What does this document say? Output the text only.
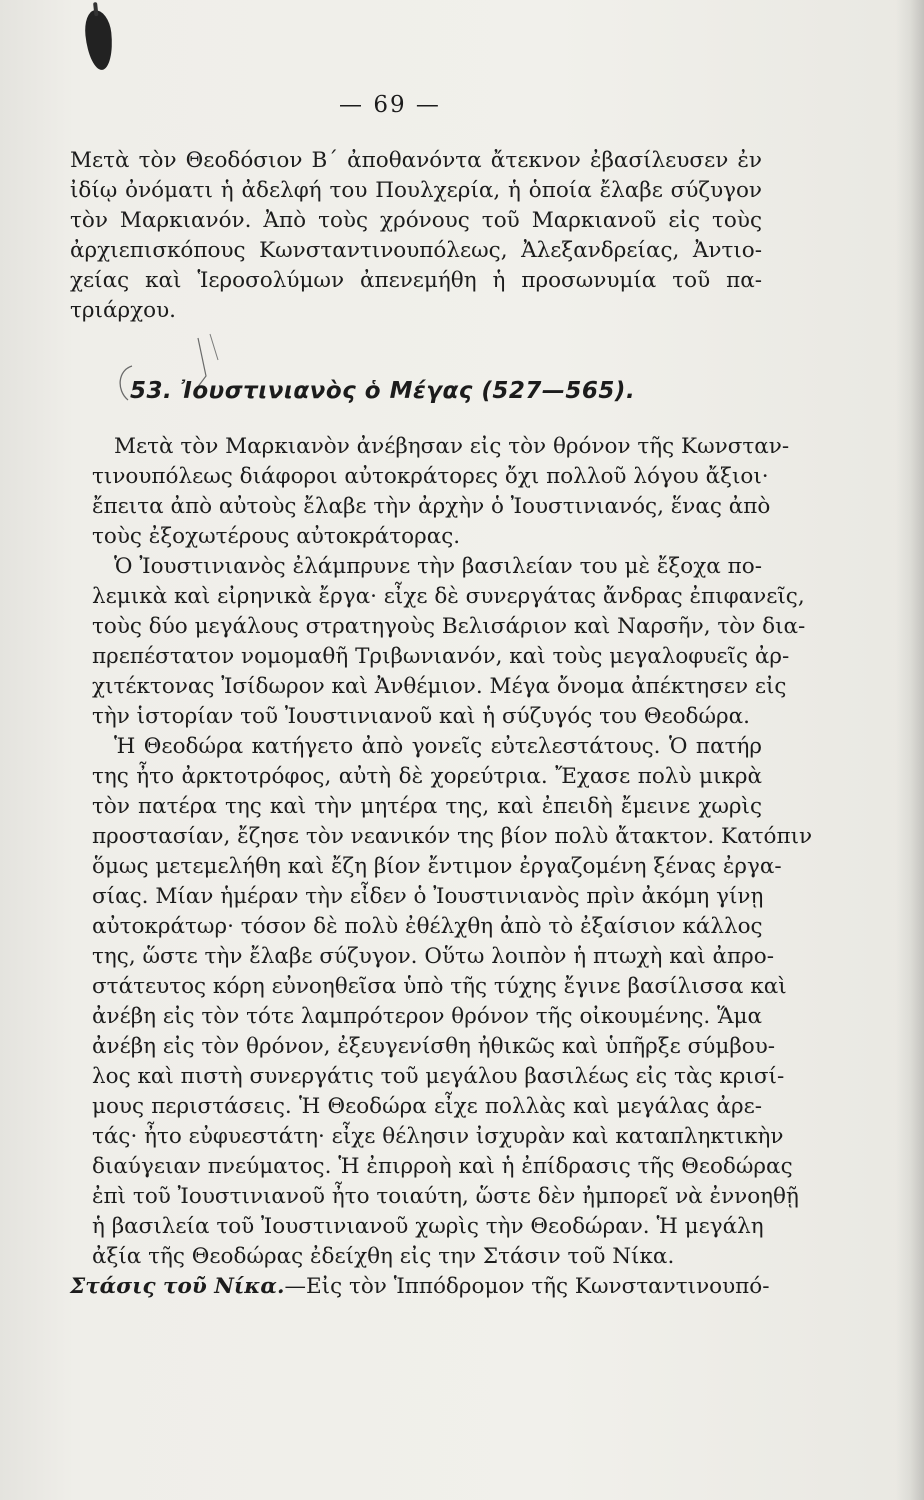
— 69 —
Μετὰ τὸν Θεοδόσιον Β΄ ἀποθανόντα ἄτεκνον ἐβασίλευσεν ἐν
ἰδίῳ ὀνόματι ἡ ἀδελφή του Πουλχερία, ἡ ὁποία ἔλαβε σύζυγον
τὸν Μαρκιανόν. Ἀπὸ τοὺς χρόνους τοῦ Μαρκιανοῦ εἰς τοὺς
ἀρχιεπισκόπους Κωνσταντινουπόλεως, Ἀλεξανδρείας, Ἀντιο-
χείας καὶ Ἱεροσολύμων ἀπενεμήθη ἡ προσωνυμία τοῦ πα-
τριάρχου.
53. Ἰουστινιανὸς ὁ Μέγας (527—565).
Μετὰ τὸν Μαρκιανὸν ἀνέβησαν εἰς τὸν θρόνον τῆς Κωνσταν-
τινουπόλεως διάφοροι αὐτοκράτορες ὄχι πολλοῦ λόγου ἄξιοι·
ἔπειτα ἀπὸ αὐτοὺς ἔλαβε τὴν ἀρχὴν ὁ Ἰουστινιανός, ἕνας ἀπὸ
τοὺς ἐξοχωτέρους αὐτοκράτορας.
Ὁ Ἰουστινιανὸς ἐλάμπρυνε τὴν βασιλείαν του μὲ ἔξοχα πο-
λεμικὰ καὶ εἰρηνικὰ ἔργα· εἶχε δὲ συνεργάτας ἄνδρας ἐπιφανεῖς,
τοὺς δύο μεγάλους στρατηγοὺς Βελισάριον καὶ Ναρσῆν, τὸν δια-
πρεπέστατον νομομαθῆ Τριβωνιανόν, καὶ τοὺς μεγαλοφυεῖς ἀρ-
χιτέκτονας Ἰσίδωρον καὶ Ἀνθέμιον. Μέγα ὄνομα ἀπέκτησεν εἰς
τὴν ἱστορίαν τοῦ Ἰουστινιανοῦ καὶ ἡ σύζυγός του Θεοδώρα.
Ἡ Θεοδώρα κατήγετο ἀπὸ γονεῖς εὐτελεστάτους. Ὁ πατήρ
της ἦτο ἀρκτοτρόφος, αὐτὴ δὲ χορεύτρια. Ἔχασε πολὺ μικρὰ
τὸν πατέρα της καὶ τὴν μητέρα της, καὶ ἐπειδὴ ἔμεινε χωρὶς
προστασίαν, ἔζησε τὸν νεανικόν της βίον πολὺ ἄτακτον. Κατόπιν
ὅμως μετεμελήθη καὶ ἔζη βίον ἔντιμον ἐργαζομένη ξένας ἐργα-
σίας. Μίαν ἡμέραν τὴν εἶδεν ὁ Ἰουστινιανὸς πρὶν ἀκόμη γίνῃ
αὐτοκράτωρ· τόσον δὲ πολὺ ἐθέλχθη ἀπὸ τὸ ἐξαίσιον κάλλος
της, ὥστε τὴν ἔλαβε σύζυγον. Οὕτω λοιπὸν ἡ πτωχὴ καὶ ἀπρο-
στάτευτος κόρη εὐνοηθεῖσα ὑπὸ τῆς τύχης ἔγινε βασίλισσα καὶ
ἀνέβη εἰς τὸν τότε λαμπρότερον θρόνον τῆς οἰκουμένης. Ἅμα
ἀνέβη εἰς τὸν θρόνον, ἐξευγενίσθη ἠθικῶς καὶ ὑπῆρξε σύμβου-
λος καὶ πιστὴ συνεργάτις τοῦ μεγάλου βασιλέως εἰς τὰς κρισί-
μους περιστάσεις. Ἡ Θεοδώρα εἶχε πολλὰς καὶ μεγάλας ἀρε-
τάς· ἦτο εὐφυεστάτη· εἶχε θέλησιν ἰσχυρὰν καὶ καταπληκτικὴν
διαύγειαν πνεύματος. Ἡ ἐπιρροὴ καὶ ἡ ἐπίδρασις τῆς Θεοδώρας
ἐπὶ τοῦ Ἰουστινιανοῦ ἦτο τοιαύτη, ὥστε δὲν ἠμπορεῖ νὰ ἐννοηθῇ
ἡ βασιλεία τοῦ Ἰουστινιανοῦ χωρὶς τὴν Θεοδώραν. Ἡ μεγάλη
ἀξία τῆς Θεοδώρας ἐδείχθη εἰς την Στάσιν τοῦ Νίκα.
Στάσις τοῦ Νίκα.—Εἰς τὸν Ἱππόδρομον τῆς Κωνσταντινουπό-
